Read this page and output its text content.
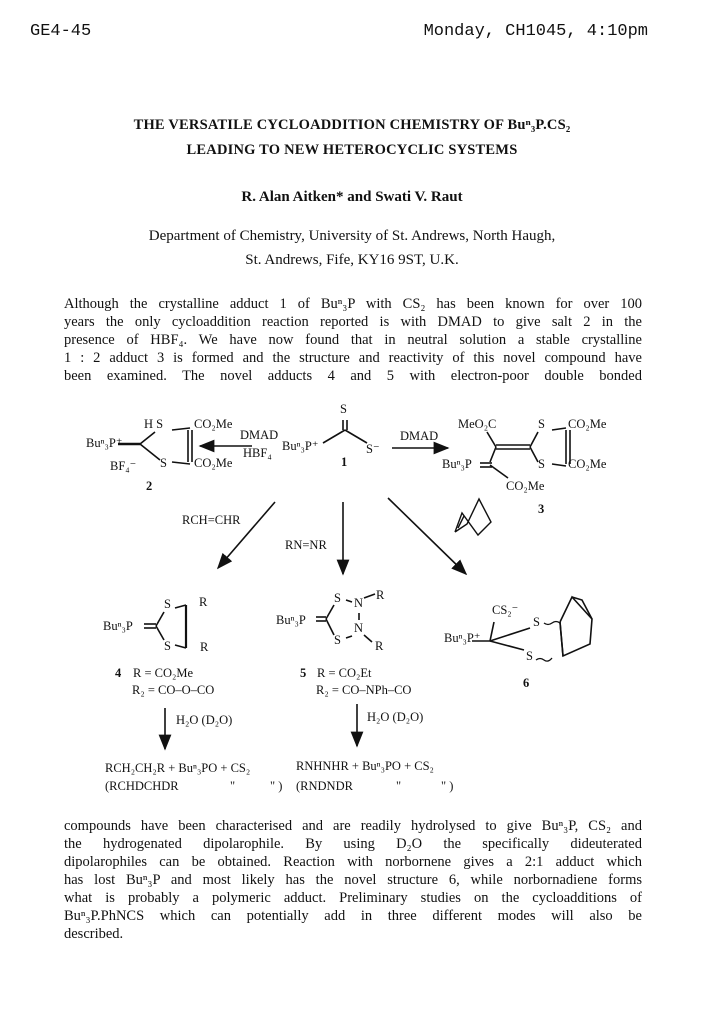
GE4-45	Monday, CH1045, 4:10pm
THE VERSATILE CYCLOADDITION CHEMISTRY OF Buⁿ₃P.CS₂
LEADING TO NEW HETEROCYCLIC SYSTEMS
R. Alan Aitken* and Swati V. Raut
Department of Chemistry, University of St. Andrews, North Haugh,
St. Andrews, Fife, KY16 9ST, U.K.
Although the crystalline adduct 1 of Buⁿ₃P with CS₂ has been known for over 100
years the only cycloaddition reaction reported is with DMAD to give salt 2 in the
presence of HBF₄. We have now found that in neutral solution a stable crystalline
1 : 2 adduct 3 is formed and the structure and reactivity of this novel compound have
been examined. The novel adducts 4 and 5 with electron-poor double bonded
S
Buⁿ₃P⁺	S⁻
1
H S CO₂Me
Buⁿ₃P⁺
BF₄⁻ S CO₂Me
2
DMAD
HBF₄
DMAD
MeO₂C	S CO₂Me
Buⁿ₃P	S CO₂Me
CO₂Me
3
RCH=CHR
RN=NR
Buⁿ₃P
S R
S R
4 R = CO₂Me
R₂ = CO–O–CO
Buⁿ₃P
S N
R
N
S	R
5 R = CO₂Et
R₂ = CO–NPh–CO
CS₂⁻
S
Buⁿ₃P⁺
S
6
H₂O (D₂O)	H₂O (D₂O)
RCH₂CH₂R + Buⁿ₃PO + CS₂
(RCHDCHDR	"	" )
RNHNHR + Buⁿ₃PO + CS₂
(RNDNDR	"	" )
compounds have been characterised and are readily hydrolysed to give Buⁿ₃P, CS₂ and
the hydrogenated dipolarophile. By using D₂O the specifically dideuterated
dipolarophiles can be obtained. Reaction with norbornene gives a 2:1 adduct which
has lost Buⁿ₃P and most likely has the novel structure 6, while norbornadiene forms
what is probably a polymeric adduct. Preliminary studies on the cycloadditions of
Buⁿ₃P.PhNCS which can potentially add in three different modes will also be
described.
